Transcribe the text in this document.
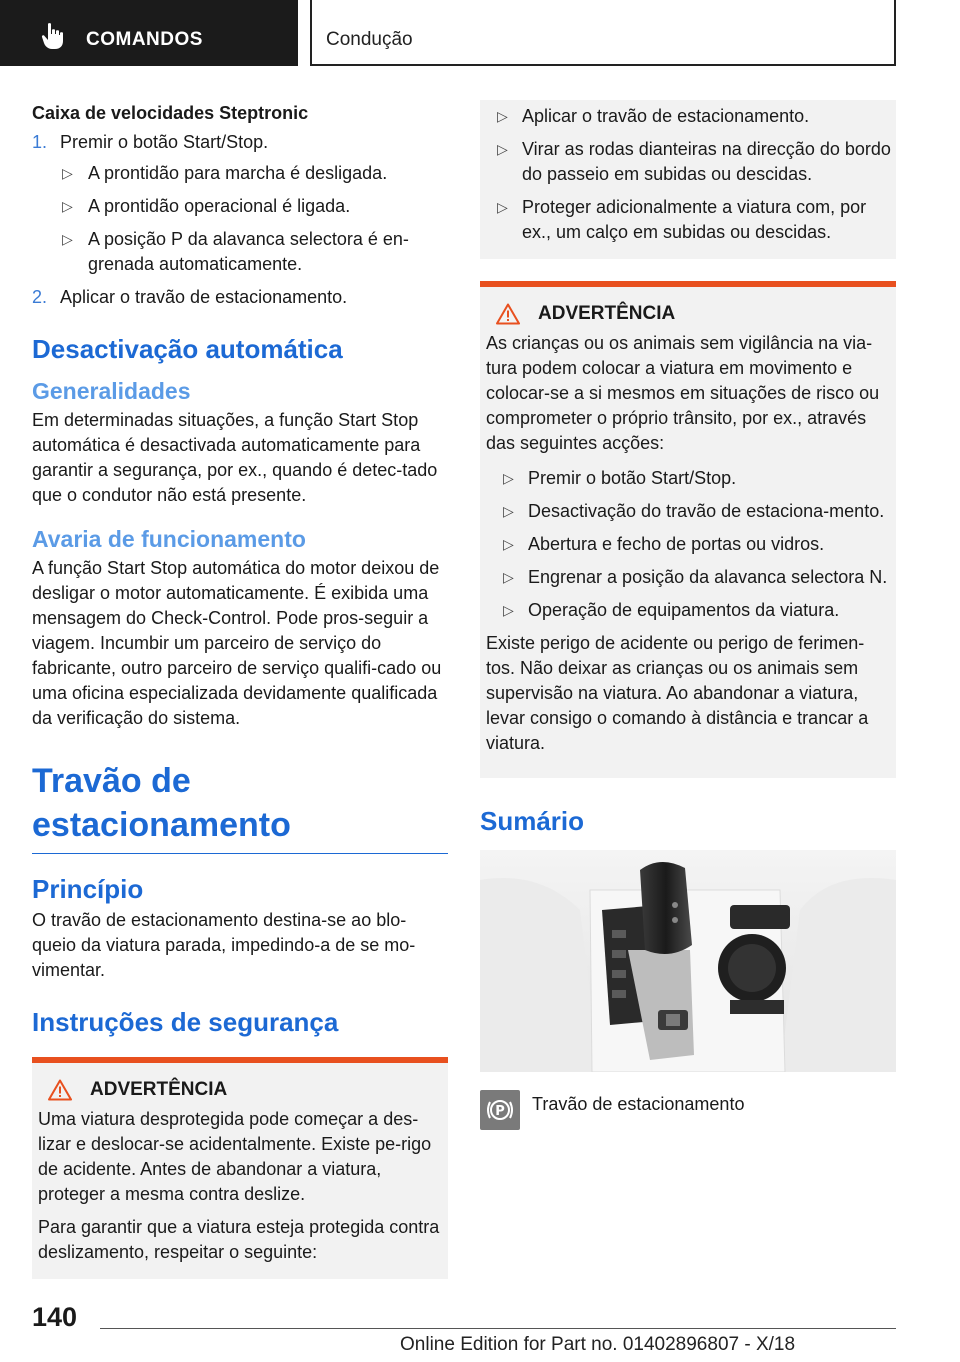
COMANDOS	Condução
Caixa de velocidades Steptronic
1. Premir o botão Start/Stop.
▷ A prontidão para marcha é desligada.
▷ A prontidão operacional é ligada.
▷ A posição P da alavanca selectora é en-grenada automaticamente.
2. Aplicar o travão de estacionamento.
Desactivação automática
Generalidades
Em determinadas situações, a função Start Stop automática é desactivada automaticamente para garantir a segurança, por ex., quando é detec-tado que o condutor não está presente.
Avaria de funcionamento
A função Start Stop automática do motor deixou de desligar o motor automaticamente. É exibida uma mensagem do Check-Control. Pode pros-seguir a viagem. Incumbir um parceiro de serviço do fabricante, outro parceiro de serviço qualifi-cado ou uma oficina especializada devidamente qualificada da verificação do sistema.
Travão de estacionamento
Princípio
O travão de estacionamento destina-se ao blo-queio da viatura parada, impedindo-a de se mo-vimentar.
Instruções de segurança
ADVERTÊNCIA
Uma viatura desprotegida pode começar a des-lizar e deslocar-se acidentalmente. Existe pe-rigo de acidente. Antes de abandonar a viatura, proteger a mesma contra deslize.
Para garantir que a viatura esteja protegida contra deslizamento, respeitar o seguinte:
▷ Aplicar o travão de estacionamento.
▷ Virar as rodas dianteiras na direcção do bordo do passeio em subidas ou descidas.
▷ Proteger adicionalmente a viatura com, por ex., um calço em subidas ou descidas.
ADVERTÊNCIA
As crianças ou os animais sem vigilância na via-tura podem colocar a viatura em movimento e colocar-se a si mesmos em situações de risco ou comprometer o próprio trânsito, por ex., através das seguintes acções:
▷ Premir o botão Start/Stop.
▷ Desactivação do travão de estaciona-mento.
▷ Abertura e fecho de portas ou vidros.
▷ Engrenar a posição da alavanca selectora N.
▷ Operação de equipamentos da viatura.
Existe perigo de acidente ou perigo de ferimen-tos. Não deixar as crianças ou os animais sem supervisão na viatura. Ao abandonar a viatura, levar consigo o comando à distância e trancar a viatura.
Sumário
P Travão de estacionamento
140
Online Edition for Part no. 01402896807 - X/18
